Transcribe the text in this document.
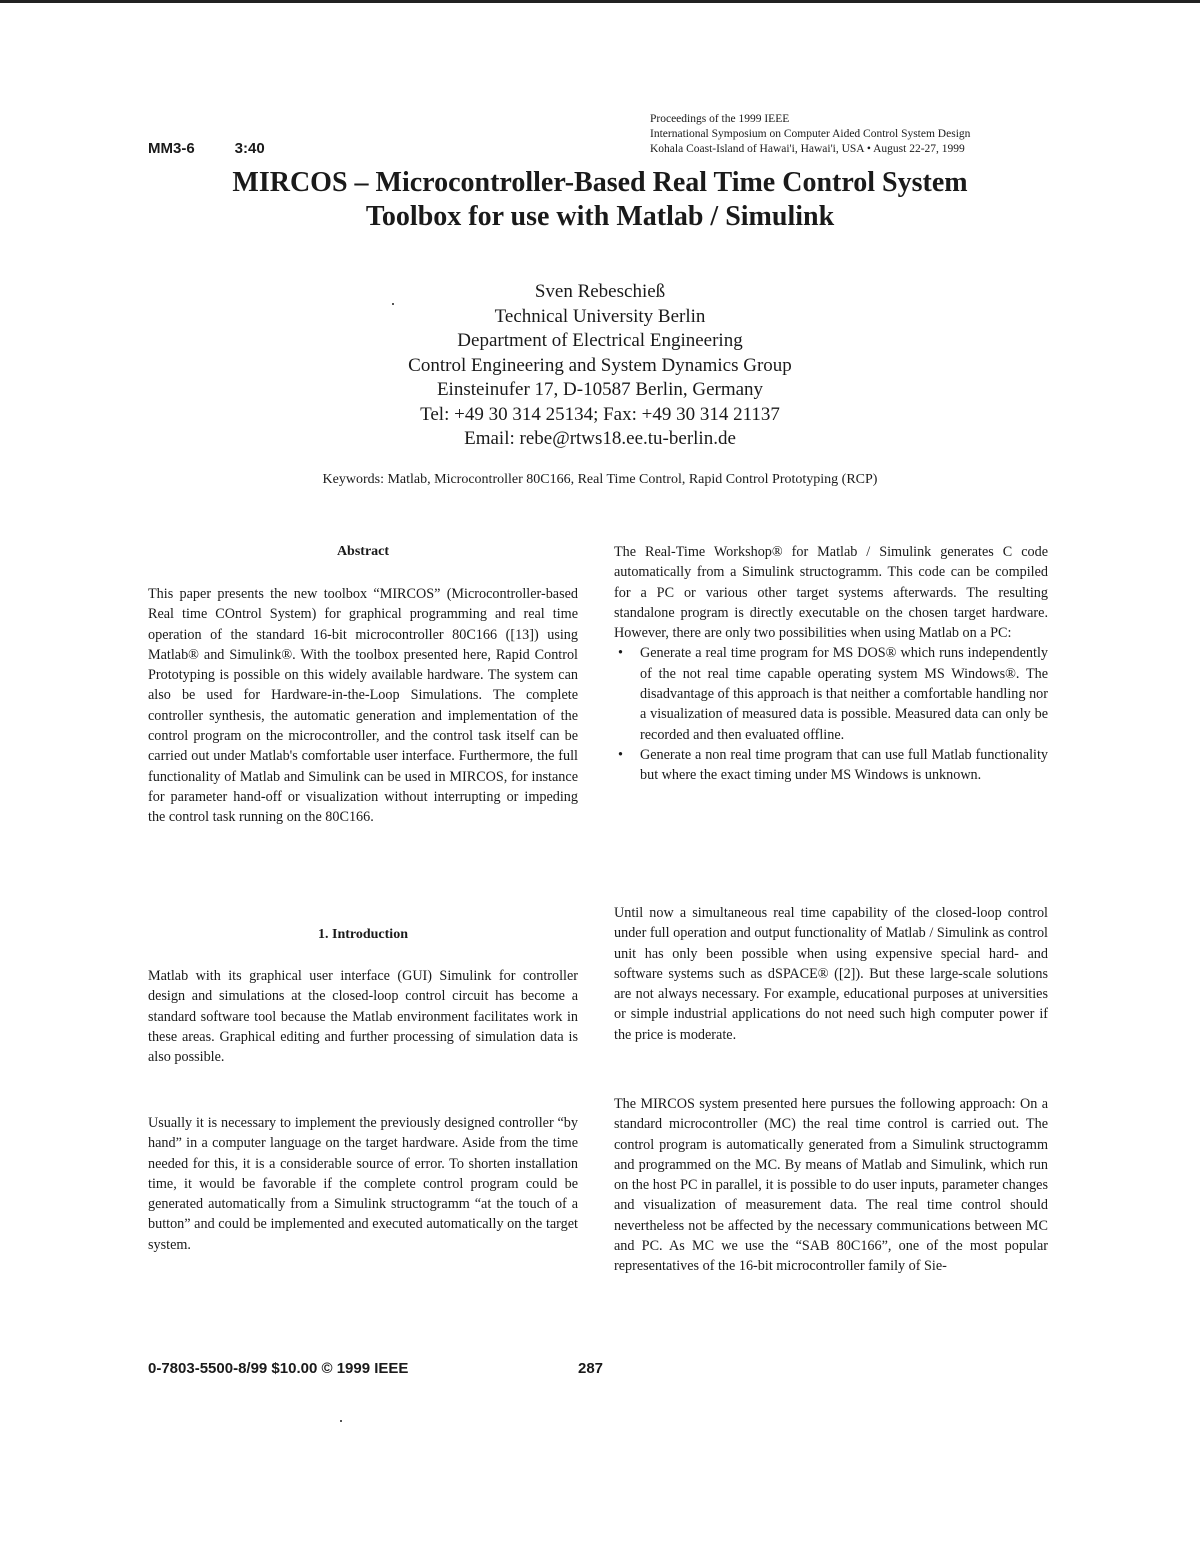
MM3-6	3:40
Proceedings of the 1999 IEEE
International Symposium on Computer Aided Control System Design
Kohala Coast-Island of Hawai'i, Hawai'i, USA • August 22-27, 1999
MIRCOS – Microcontroller-Based Real Time Control System
Toolbox for use with Matlab / Simulink
Sven Rebeschieß
Technical University Berlin
Department of Electrical Engineering
Control Engineering and System Dynamics Group
Einsteinufer 17, D-10587 Berlin, Germany
Tel: +49 30 314 25134; Fax: +49 30 314 21137
Email: rebe@rtws18.ee.tu-berlin.de
Keywords: Matlab, Microcontroller 80C166, Real Time Control, Rapid Control Prototyping (RCP)
Abstract

This paper presents the new toolbox “MIRCOS” (Microcontroller-based Real time COntrol System) for graphical programming and real time operation of the standard 16-bit microcontroller 80C166 ([13]) using Matlab® and Simulink®. With the toolbox presented here, Rapid Control Prototyping is possible on this widely available hardware. The system can also be used for Hardware-in-the-Loop Simulations. The complete controller synthesis, the automatic generation and implementation of the control program on the microcontroller, and the control task itself can be carried out under Matlab's comfortable user interface. Furthermore, the full functionality of Matlab and Simulink can be used in MIRCOS, for instance for parameter hand-off or visualization without interrupting or impeding the control task running on the 80C166.

1. Introduction

Matlab with its graphical user interface (GUI) Simulink for controller design and simulations at the closed-loop control circuit has become a standard software tool because the Matlab environment facilitates work in these areas. Graphical editing and further processing of simulation data is also possible.

Usually it is necessary to implement the previously designed controller “by hand” in a computer language on the target hardware. Aside from the time needed for this, it is a considerable source of error. To shorten installation time, it would be favorable if the complete control program could be generated automatically from a Simulink structogramm “at the touch of a button” and could be implemented and executed automatically on the target system.

The Real-Time Workshop® for Matlab / Simulink generates C code automatically from a Simulink structogramm. This code can be compiled for a PC or various other target systems afterwards. The resulting standalone program is directly executable on the chosen target hardware. However, there are only two possibilities when using Matlab on a PC:

• Generate a real time program for MS DOS® which runs independently of the not real time capable operating system MS Windows®. The disadvantage of this approach is that neither a comfortable handling nor a visualization of measured data is possible. Measured data can only be recorded and then evaluated offline.
• Generate a non real time program that can use full Matlab functionality but where the exact timing under MS Windows is unknown.

Until now a simultaneous real time capability of the closed-loop control under full operation and output functionality of Matlab / Simulink as control unit has only been possible when using expensive special hard- and software systems such as dSPACE® ([2]). But these large-scale solutions are not always necessary. For example, educational purposes at universities or simple industrial applications do not need such high computer power if the price is moderate.

The MIRCOS system presented here pursues the following approach: On a standard microcontroller (MC) the real time control is carried out. The control program is automatically generated from a Simulink structogramm and programmed on the MC. By means of Matlab and Simulink, which run on the host PC in parallel, it is possible to do user inputs, parameter changes and visualization of measurement data. The real time control should nevertheless not be affected by the necessary communications between MC and PC. As MC we use the “SAB 80C166”, one of the most popular representatives of the 16-bit microcontroller family of Sie-

0-7803-5500-8/99 $10.00 © 1999 IEEE	287
